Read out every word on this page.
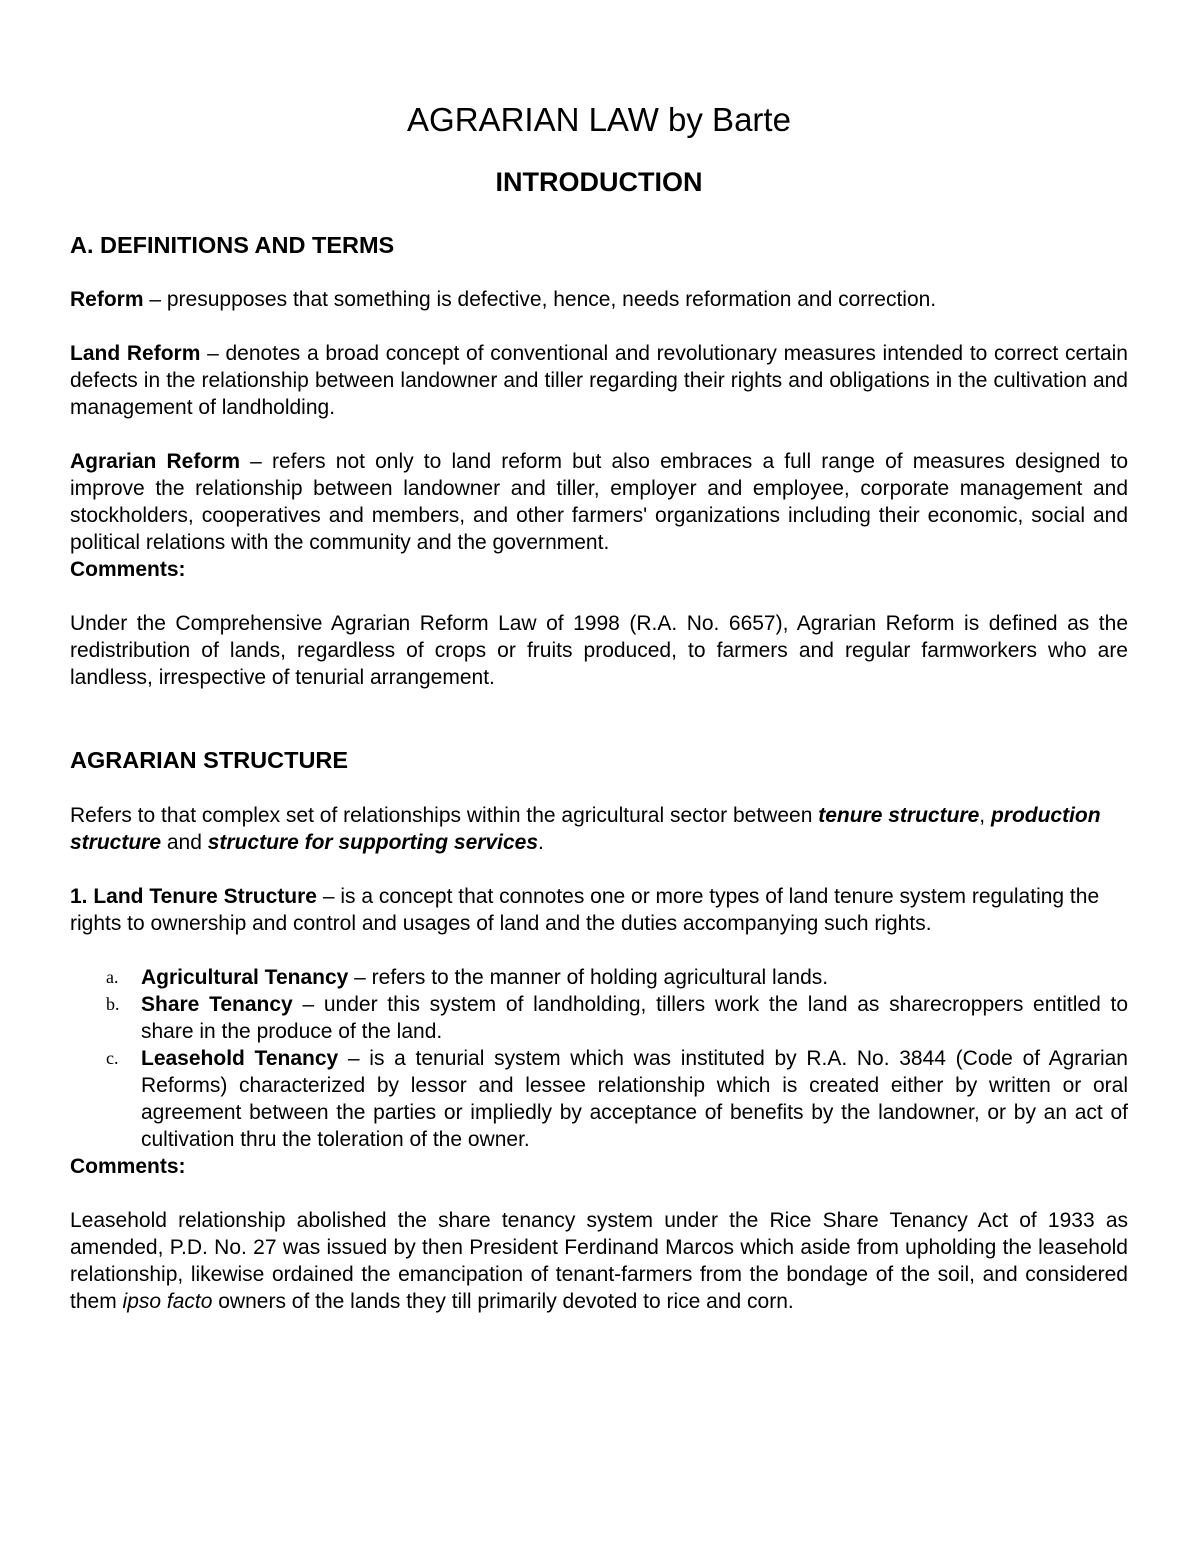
AGRARIAN LAW by Barte
INTRODUCTION
A. DEFINITIONS AND TERMS

Reform – presupposes that something is defective, hence, needs reformation and correction.

Land Reform – denotes a broad concept of conventional and revolutionary measures intended to correct certain defects in the relationship between landowner and tiller regarding their rights and obligations in the cultivation and management of landholding.

Agrarian Reform – refers not only to land reform but also embraces a full range of measures designed to improve the relationship between landowner and tiller, employer and employee, corporate management and stockholders, cooperatives and members, and other farmers' organizations including their economic, social and political relations with the community and the government.

Comments:

Under the Comprehensive Agrarian Reform Law of 1998 (R.A. No. 6657), Agrarian Reform is defined as the redistribution of lands, regardless of crops or fruits produced, to farmers and regular farmworkers who are landless, irrespective of tenurial arrangement.

AGRARIAN STRUCTURE

Refers to that complex set of relationships within the agricultural sector between tenure structure, production structure and structure for supporting services.

1. Land Tenure Structure – is a concept that connotes one or more types of land tenure system regulating the rights to ownership and control and usages of land and the duties accompanying such rights.

a. Agricultural Tenancy – refers to the manner of holding agricultural lands.
b. Share Tenancy – under this system of landholding, tillers work the land as sharecroppers entitled to share in the produce of the land.
c. Leasehold Tenancy – is a tenurial system which was instituted by R.A. No. 3844 (Code of Agrarian Reforms) characterized by lessor and lessee relationship which is created either by written or oral agreement between the parties or impliedly by acceptance of benefits by the landowner, or by an act of cultivation thru the toleration of the owner.

Comments:

Leasehold relationship abolished the share tenancy system under the Rice Share Tenancy Act of 1933 as amended, P.D. No. 27 was issued by then President Ferdinand Marcos which aside from upholding the leasehold relationship, likewise ordained the emancipation of tenant-farmers from the bondage of the soil, and considered them ipso facto owners of the lands they till primarily devoted to rice and corn.
